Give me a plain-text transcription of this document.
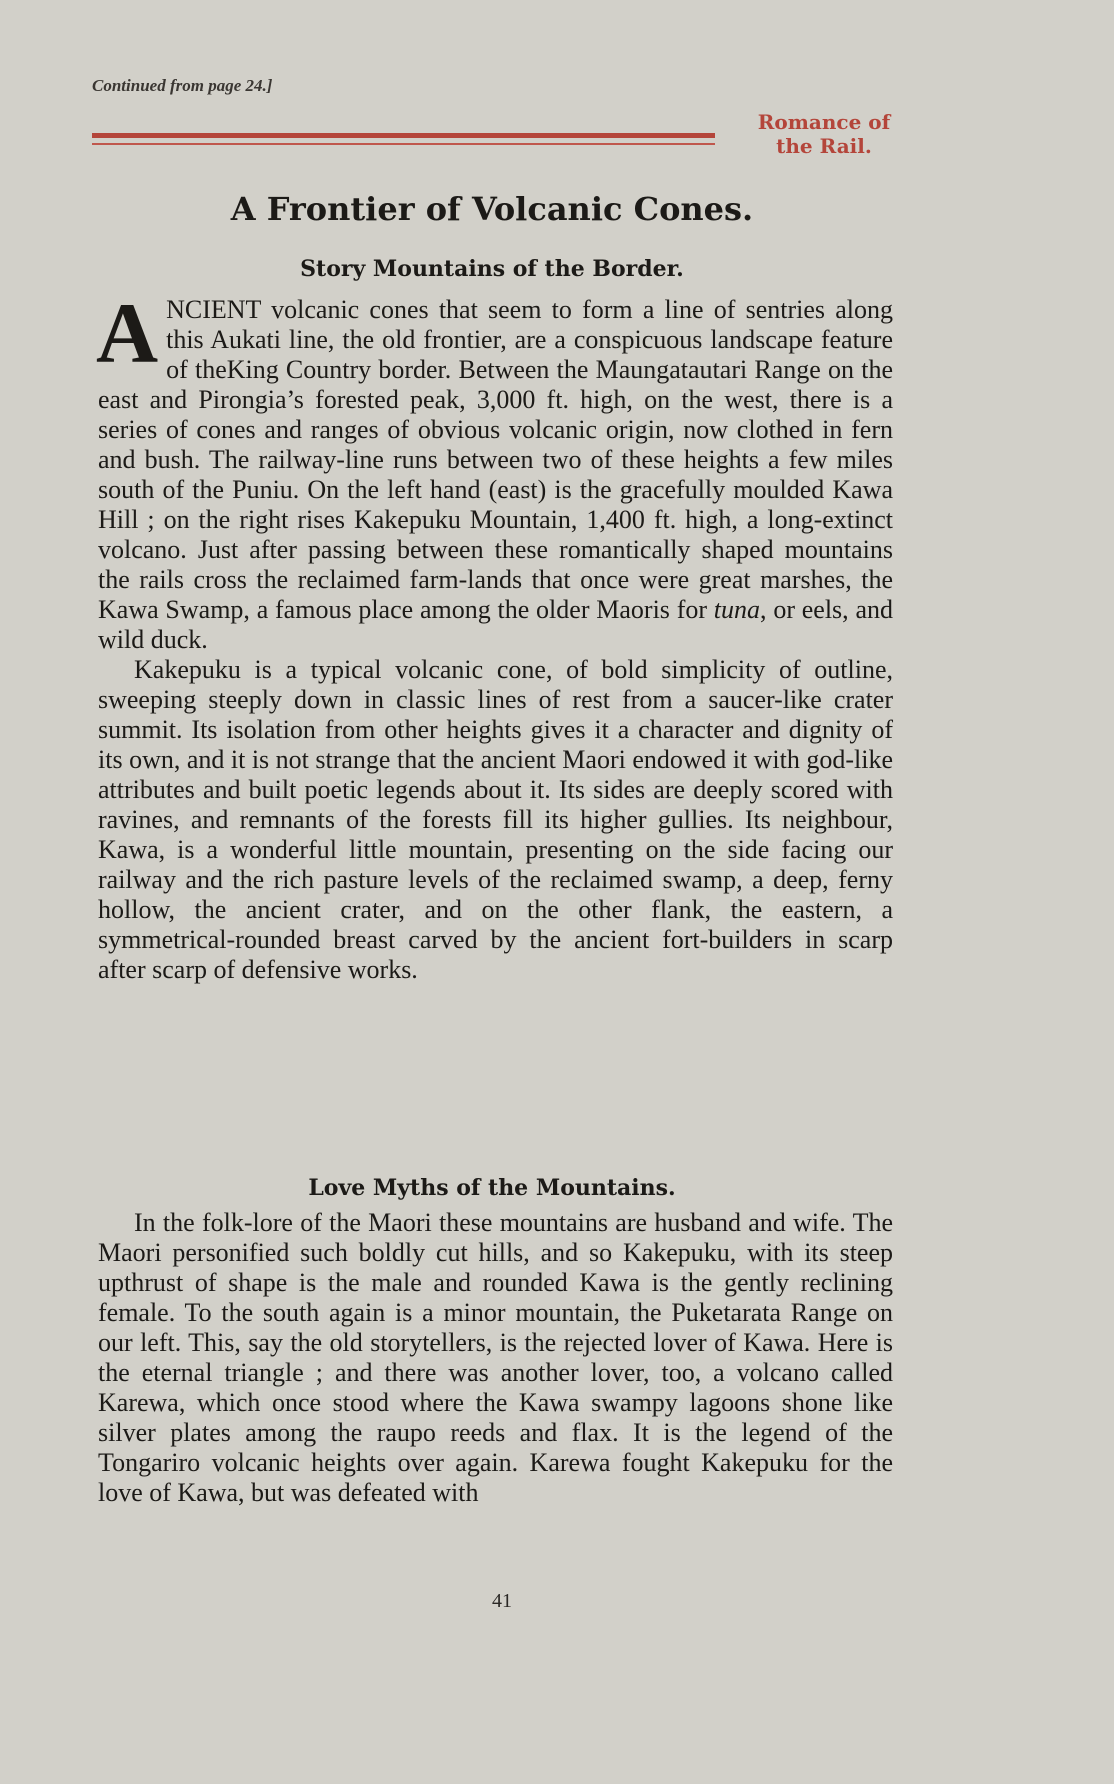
Continued from page 24.]
Romance of
the Rail.
A Frontier of Volcanic Cones.
Story Mountains of the Border.

ANCIENT volcanic cones that seem to form a line of sentries along this Aukati line, the old frontier, are a conspicuous landscape feature of theKing Country border. Between the Maungatautari Range on the east and Pirongia’s forested peak, 3,000 ft. high, on the west, there is a series of cones and ranges of obvious volcanic origin, now clothed in fern and bush. The railway-line runs between two of these heights a few miles south of the Puniu. On the left hand (east) is the gracefully moulded Kawa Hill ; on the right rises Kakepuku Mountain, 1,400 ft. high, a long-extinct volcano. Just after passing between these romantically shaped mountains the rails cross the reclaimed farm-lands that once were great marshes, the Kawa Swamp, a famous place among the older Maoris for tuna, or eels, and wild duck.

Kakepuku is a typical volcanic cone, of bold simplicity of outline, sweeping steeply down in classic lines of rest from a saucer-like crater summit. Its isolation from other heights gives it a character and dignity of its own, and it is not strange that the ancient Maori endowed it with god-like attributes and built poetic legends about it. Its sides are deeply scored with ravines, and remnants of the forests fill its higher gullies. Its neighbour, Kawa, is a wonderful little mountain, presenting on the side facing our railway and the rich pasture levels of the reclaimed swamp, a deep, ferny hollow, the ancient crater, and on the other flank, the eastern, a symmetrical-rounded breast carved by the ancient fort-builders in scarp after scarp of defensive works.

Love Myths of the Mountains.

In the folk-lore of the Maori these mountains are husband and wife. The Maori personified such boldly cut hills, and so Kakepuku, with its steep upthrust of shape is the male and rounded Kawa is the gently reclining female. To the south again is a minor mountain, the Puketarata Range on our left. This, say the old storytellers, is the rejected lover of Kawa. Here is the eternal triangle ; and there was another lover, too, a volcano called Karewa, which once stood where the Kawa swampy lagoons shone like silver plates among the raupo reeds and flax. It is the legend of the Tongariro volcanic heights over again. Karewa fought Kakepuku for the love of Kawa, but was defeated with

41
